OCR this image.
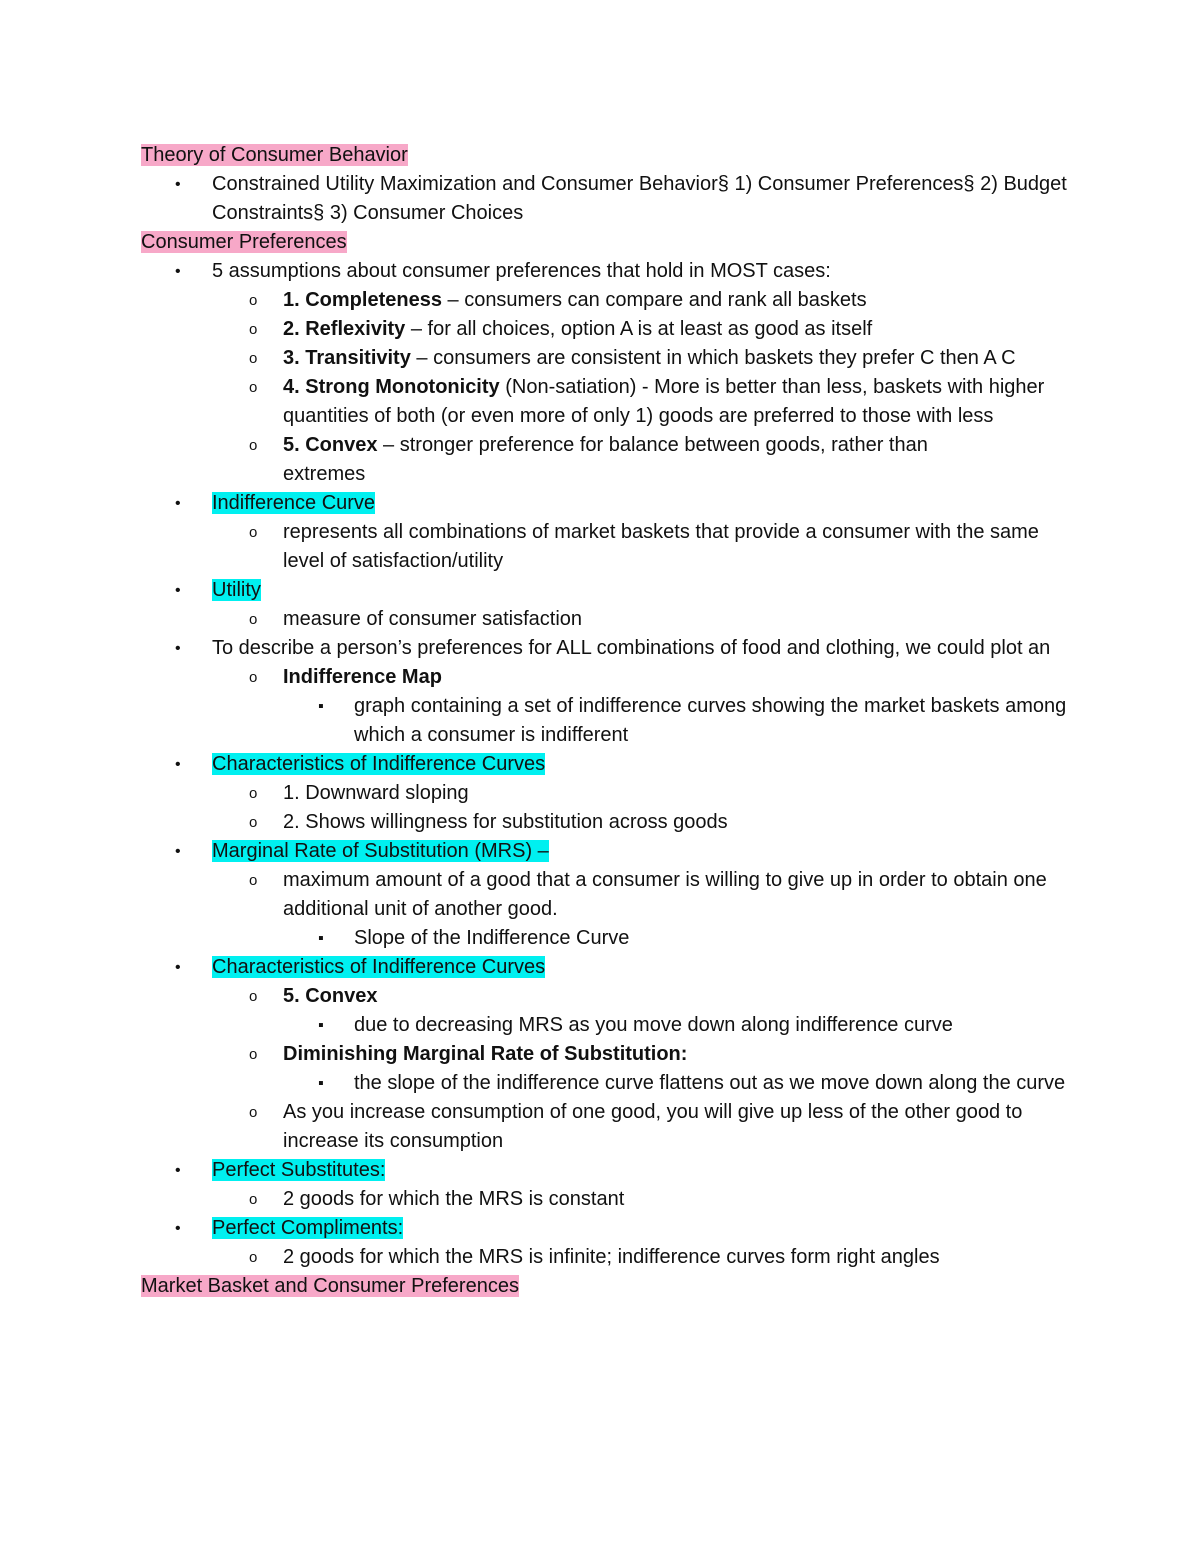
Theory of Consumer Behavior
• Constrained Utility Maximization and Consumer Behavior§ 1) Consumer Preferences§ 2) Budget Constraints§ 3) Consumer Choices
Consumer Preferences
• 5 assumptions about consumer preferences that hold in MOST cases:
o 1. Completeness – consumers can compare and rank all baskets
o 2. Reflexivity – for all choices, option A is at least as good as itself
o 3. Transitivity – consumers are consistent in which baskets they prefer C then A C
o 4. Strong Monotonicity (Non-satiation) - More is better than less, baskets with higher quantities of both (or even more of only 1) goods are preferred to those with less
o 5. Convex – stronger preference for balance between goods, rather than extremes
• Indifference Curve
o represents all combinations of market baskets that provide a consumer with the same level of satisfaction/utility
• Utility
o measure of consumer satisfaction
• To describe a person’s preferences for ALL combinations of food and clothing, we could plot an
o Indifference Map
▪ graph containing a set of indifference curves showing the market baskets among which a consumer is indifferent
• Characteristics of Indifference Curves
o 1. Downward sloping
o 2. Shows willingness for substitution across goods
• Marginal Rate of Substitution (MRS) –
o maximum amount of a good that a consumer is willing to give up in order to obtain one additional unit of another good.
▪ Slope of the Indifference Curve
• Characteristics of Indifference Curves
o 5. Convex
▪ due to decreasing MRS as you move down along indifference curve
o Diminishing Marginal Rate of Substitution:
▪ the slope of the indifference curve flattens out as we move down along the curve
o As you increase consumption of one good, you will give up less of the other good to increase its consumption
• Perfect Substitutes:
o 2 goods for which the MRS is constant
• Perfect Compliments:
o 2 goods for which the MRS is infinite; indifference curves form right angles
Market Basket and Consumer Preferences
